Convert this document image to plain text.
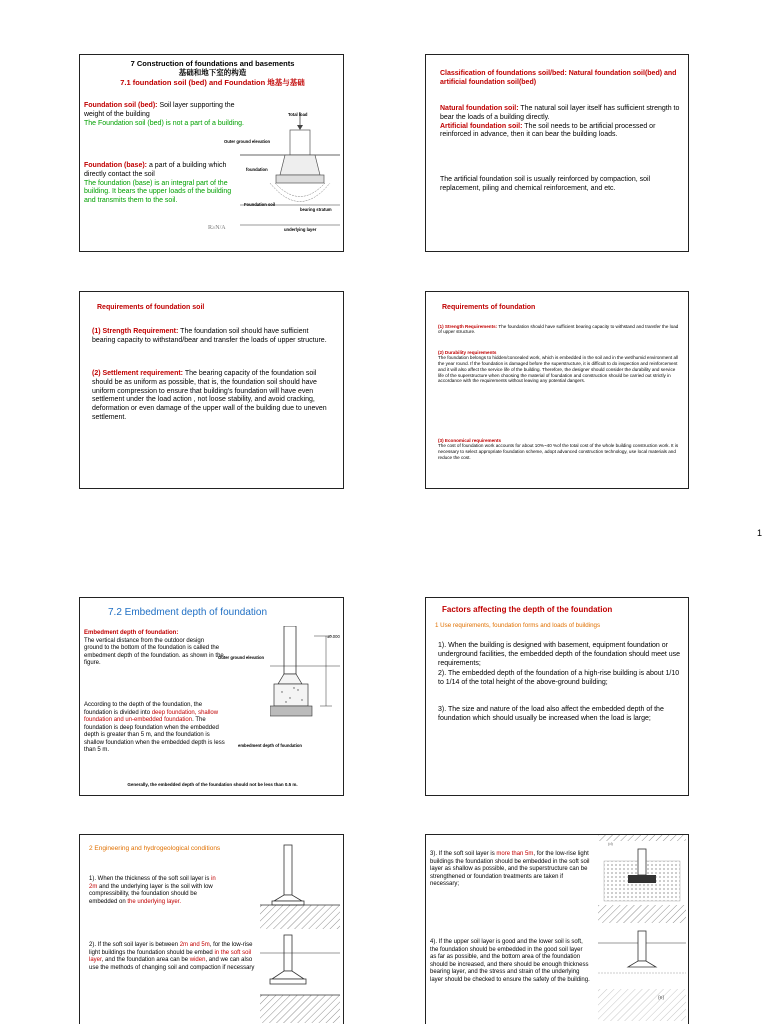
7 Construction of foundations and basements
基础和地下室的构造
7.1 foundation soil (bed) and Foundation 地基与基础

Foundation soil (bed): Soil layer supporting the weight of the building
The Foundation soil (bed) is not a part of a building.

Foundation (base): a part of a building which directly contact the soil
The foundation (base) is an integral part of the building. It bears the upper loads of the building and transmits them to the soil.

Total load
Outer ground elevation
foundation
Foundation soil
bearing stratum
underlying layer
R≥N/A

Classification of foundations soil/bed: Natural foundation soil(bed) and artificial foundation soil(bed)

Natural foundation soil: The natural soil layer itself has sufficient strength to bear the loads of a building directly.
Artificial foundation soil: The soil needs to be artificial processed or reinforced in advance, then it can bear the building loads.

The artificial foundation soil is usually reinforced by compaction, soil replacement, piling and chemical reinforcement, and etc.

Requirements of foundation soil

(1) Strength Requirement: The foundation soil should have sufficient bearing capacity to withstand/bear and transfer the loads of upper structure.

(2) Settlement requirement: The bearing capacity of the foundation soil should be as uniform as possible, that is, the foundation soil should have uniform compression to ensure that building's foundation will have even settlement under the load action , not loose stability, and avoid cracking, deformation or even damage of the upper wall of the building due to uneven settlement.

Requirements of foundation

(1) Strength Requirements: The foundation should have sufficient bearing capacity to withstand and transfer the load of upper structure.

(2) Durability requirements
The foundation belongs to hidden/concealed work, which is embedded in the soil and in the wet/humid environment all the year round. If the foundation is damaged before the superstructure, it is difficult to do inspection and reinforcement and it will also affect the service life of the building. Therefore, the designer should consider the durability and service life of the superstructure when choosing the material of foundation and construction should be carried out strictly in accordance with the requirements without leaving any potential dangers.

(3) Economical requirements
The cost of foundation work accounts for about 10%~40 %of the total cost of the whole building construction work. It is necessary to select appropriate foundation scheme, adopt advanced construction technology, use local materials and reduce the cost.

1

7.2 Embedment depth of foundation

Embedment depth of foundation:
The vertical distance from the outdoor design ground to the bottom of the foundation is called the embedment depth of the foundation. as shown in the figure.

According to the depth of the foundation, the foundation is divided into deep foundation, shallow foundation and un-embedded foundation. The foundation is deep foundation when the embedded depth is greater than 5 m, and the foundation is shallow foundation when the embedded depth is less than 5 m.

Generally, the embedded depth of the foundation should not be less than 0.5 m.

±0.000
Outer ground elevation
embedment depth of foundation

Factors affecting the depth of the foundation

1 Use requirements, foundation forms and loads of buildings

1). When the building is designed with basement, equipment foundation or underground facilities, the embedded depth of the foundation should meet use requirements;

2). The embedded depth of the foundation of a high-rise building is about 1/10 to 1/14 of the total height of the above-ground building;

3). The size and nature of the load also affect the embedded depth of the foundation which should usually be increased when the load is large;

2 Engineering and hydrogeological conditions

1). When the thickness of the soft soil layer is in 2m and the underlying layer is the soil with low compressibility, the foundation should be embedded on the underlying layer.

2). If the soft soil layer is between 2m and 5m, for the low-rise light buildings the foundation should be embed in the soft soil layer, and the foundation area can be widen, and we can also use the methods of changing soil and compaction if necessary

3). If the soft soil layer is more than 5m, for the low-rise light buildings the foundation should be embedded in the soft soil layer as shallow as possible, and the superstructure can be strengthened or foundation treatments are taken if necessary;

4). If the upper soil layer is good and the lower soil is soft, the foundation should be embedded in the good soil layer as far as possible, and the bottom area of the foundation should be increased, and there should be enough thickness bearing layer, and the stress and strain of the underlying layer should be checked to ensure the safety of the building.

(d)
(e)
